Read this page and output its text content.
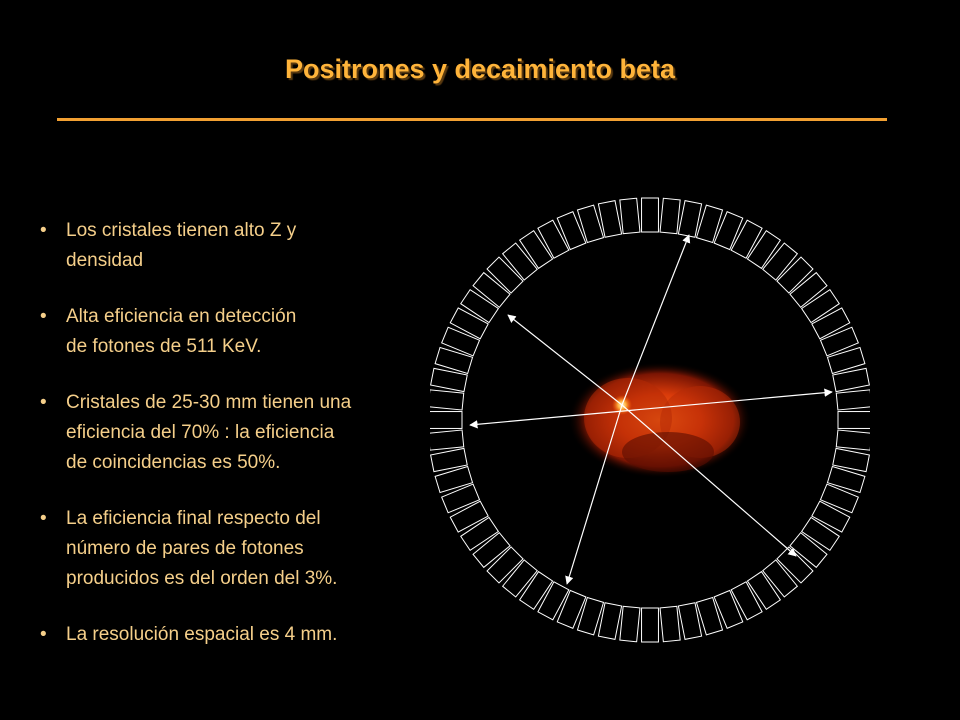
Positrones y decaimiento beta
•	Los cristales tienen alto Z y
densidad
•	Alta eficiencia en detección
de fotones de 511 KeV.
•	Cristales de 25-30 mm tienen una
eficiencia del 70% : la eficiencia
de coincidencias es 50%.
•	La eficiencia final respecto del
número de pares de fotones
producidos es del orden del 3%.
•	La resolución espacial es 4 mm.
